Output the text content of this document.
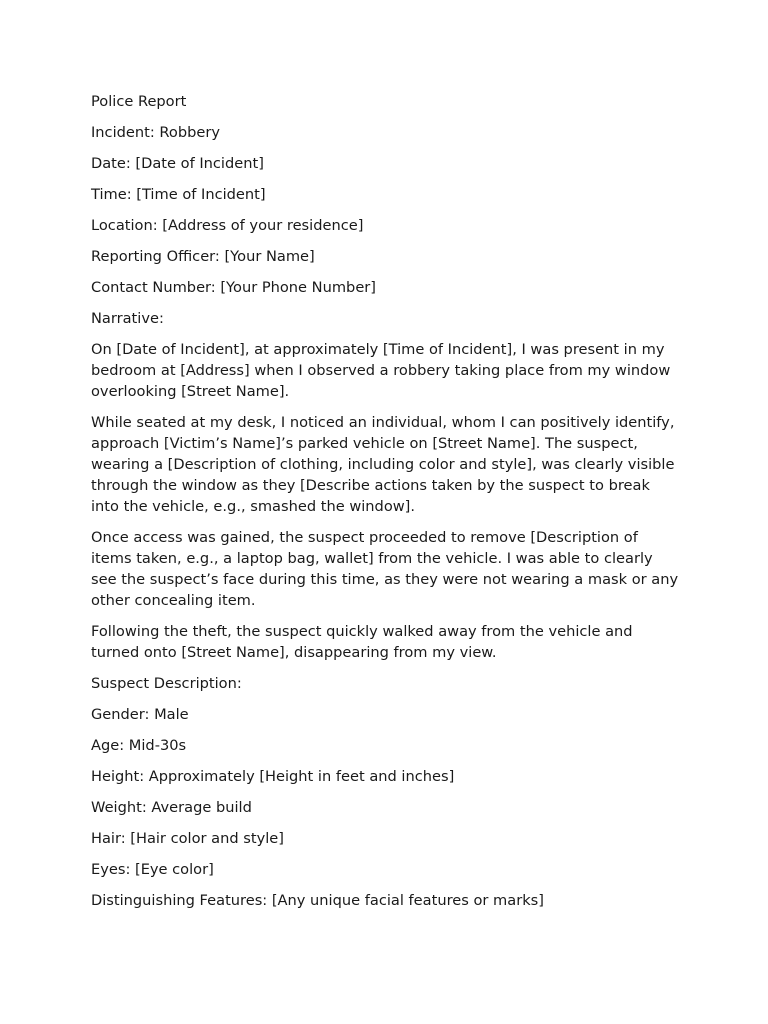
Police Report

Incident: Robbery

Date: [Date of Incident]

Time: [Time of Incident]

Location: [Address of your residence]

Reporting Officer: [Your Name]

Contact Number: [Your Phone Number]

Narrative:

On [Date of Incident], at approximately [Time of Incident], I was present in my bedroom at [Address] when I observed a robbery taking place from my window overlooking [Street Name].

While seated at my desk, I noticed an individual, whom I can positively identify, approach [Victim’s Name]’s parked vehicle on [Street Name]. The suspect, wearing a [Description of clothing, including color and style], was clearly visible through the window as they [Describe actions taken by the suspect to break into the vehicle, e.g., smashed the window].

Once access was gained, the suspect proceeded to remove [Description of items taken, e.g., a laptop bag, wallet] from the vehicle. I was able to clearly see the suspect’s face during this time, as they were not wearing a mask or any other concealing item.

Following the theft, the suspect quickly walked away from the vehicle and turned onto [Street Name], disappearing from my view.

Suspect Description:

Gender: Male

Age: Mid-30s

Height: Approximately [Height in feet and inches]

Weight: Average build

Hair: [Hair color and style]

Eyes: [Eye color]

Distinguishing Features: [Any unique facial features or marks]
